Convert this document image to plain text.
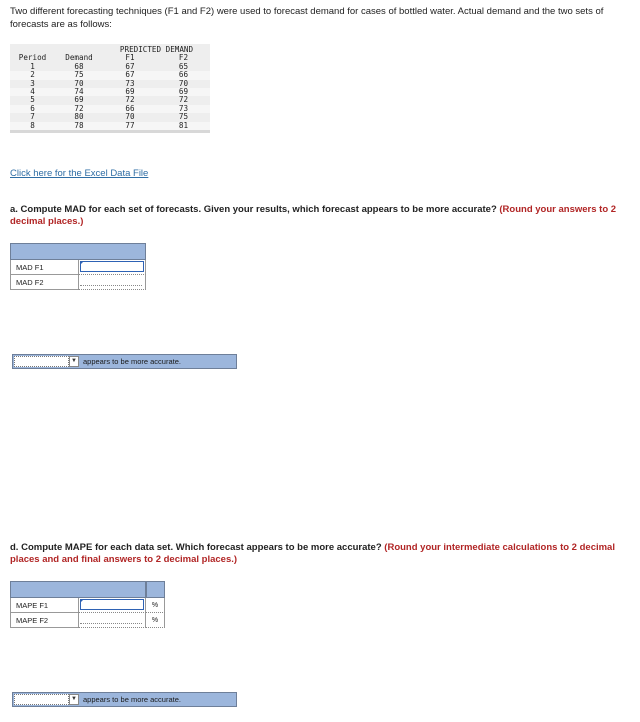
Two different forecasting techniques (F1 and F2) were used to forecast demand for cases of bottled water. Actual demand and the two sets of forecasts are as follows:
PREDICTED DEMAND
Period	Demand	F1	F2
1	68	67	65
2	75	67	66
3	70	73	70
4	74	69	69
5	69	72	72
6	72	66	73
7	80	70	75
8	78	77	81
Click here for the Excel Data File
a. Compute MAD for each set of forecasts. Given your results, which forecast appears to be more accurate? (Round your answers to 2 decimal places.)
MAD F1
MAD F2
▼ appears to be more accurate.
d. Compute MAPE for each data set. Which forecast appears to be more accurate? (Round your intermediate calculations to 2 decimal places and and final answers to 2 decimal places.)
MAPE F1	%
MAPE F2	%
▼ appears to be more accurate.
